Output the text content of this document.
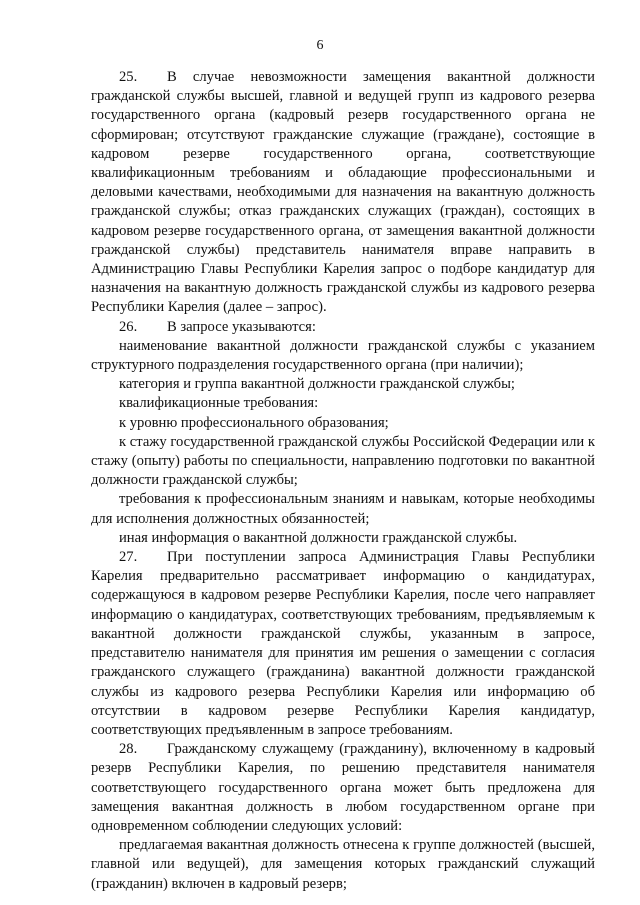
6

25. В случае невозможности замещения вакантной должности гражданской службы высшей, главной и ведущей групп из кадрового резерва государственного органа (кадровый резерв государственного органа не сформирован; отсутствуют гражданские служащие (граждане), состоящие в кадровом резерве государственного органа, соответствующие квалификационным требованиям и обладающие профессиональными и деловыми качествами, необходимыми для назначения на вакантную должность гражданской службы; отказ гражданских служащих (граждан), состоящих в кадровом резерве государственного органа, от замещения вакантной должности гражданской службы) представитель нанимателя вправе направить в Администрацию Главы Республики Карелия запрос о подборе кандидатур для назначения на вакантную должность гражданской службы из кадрового резерва Республики Карелия (далее – запрос).

26. В запросе указываются:

наименование вакантной должности гражданской службы с указанием структурного подразделения государственного органа (при наличии);

категория и группа вакантной должности гражданской службы;

квалификационные требования:

к уровню профессионального образования;

к стажу государственной гражданской службы Российской Федерации или к стажу (опыту) работы по специальности, направлению подготовки по вакантной должности гражданской службы;

требования к профессиональным знаниям и навыкам, которые необходимы для исполнения должностных обязанностей;

иная информация о вакантной должности гражданской службы.

27. При поступлении запроса Администрация Главы Республики Карелия предварительно рассматривает информацию о кандидатурах, содержащуюся в кадровом резерве Республики Карелия, после чего направляет информацию о кандидатурах, соответствующих требованиям, предъявляемым к вакантной должности гражданской службы, указанным в запросе, представителю нанимателя для принятия им решения о замещении с согласия гражданского служащего (гражданина) вакантной должности гражданской службы из кадрового резерва Республики Карелия или информацию об отсутствии в кадровом резерве Республики Карелия кандидатур, соответствующих предъявленным в запросе требованиям.

28. Гражданскому служащему (гражданину), включенному в кадровый резерв Республики Карелия, по решению представителя нанимателя соответствующего государственного органа может быть предложена для замещения вакантная должность в любом государственном органе при одновременном соблюдении следующих условий:

предлагаемая вакантная должность отнесена к группе должностей (высшей, главной или ведущей), для замещения которых гражданский служащий (гражданин) включен в кадровый резерв;
